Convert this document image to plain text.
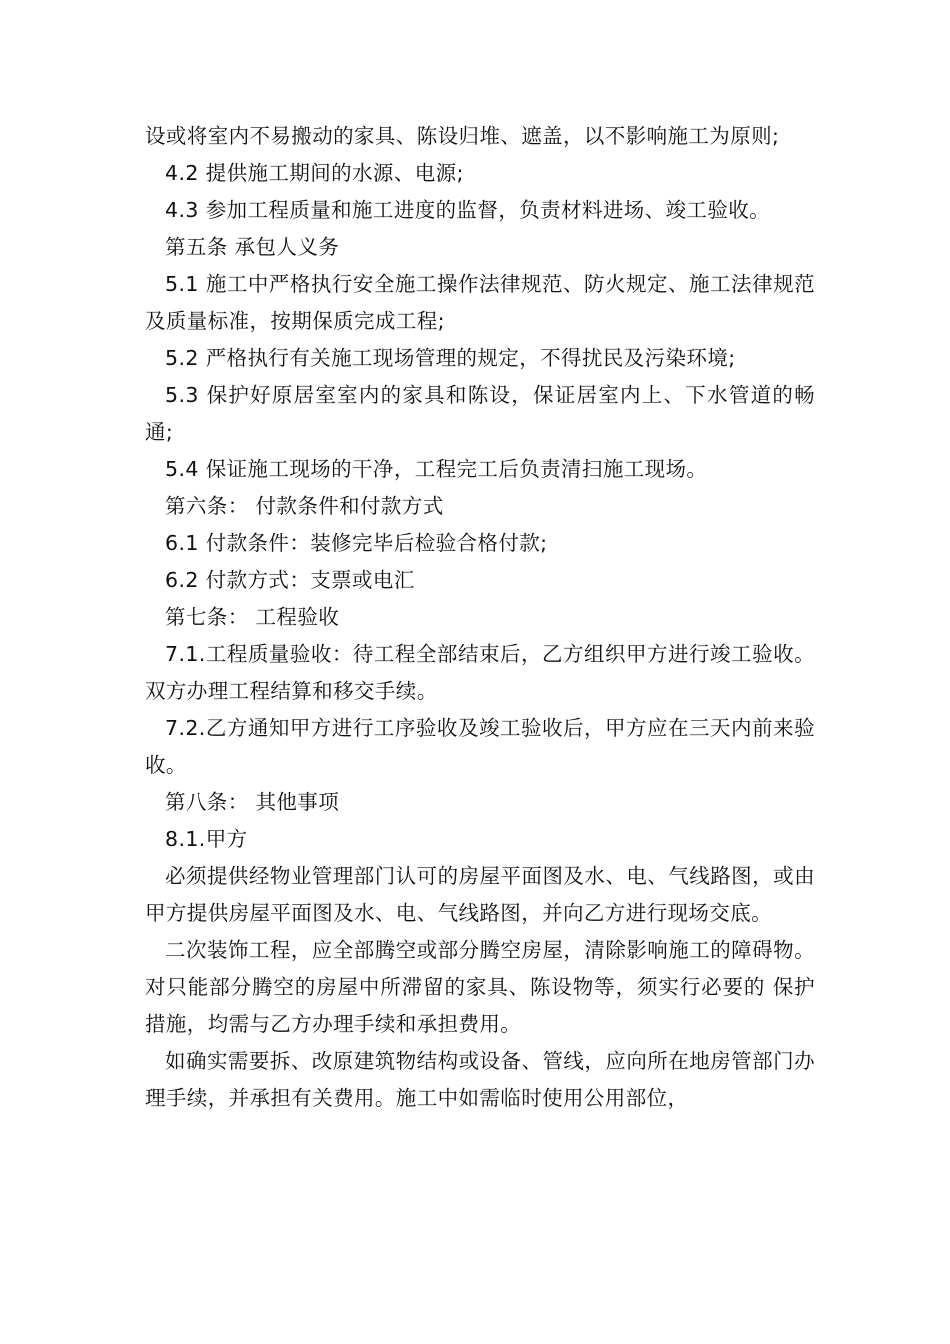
设或将室内不易搬动的家具、陈设归堆、遮盖，以不影响施工为原则;

4.2 提供施工期间的水源、电源;

4.3 参加工程质量和施工进度的监督，负责材料进场、竣工验收。

第五条 承包人义务

5.1 施工中严格执行安全施工操作法律规范、防火规定、施工法律规范及质量标准，按期保质完成工程;

5.2 严格执行有关施工现场管理的规定，不得扰民及污染环境;

5.3 保护好原居室室内的家具和陈设，保证居室内上、下水管道的畅通;

5.4 保证施工现场的干净，工程完工后负责清扫施工现场。

第六条： 付款条件和付款方式

6.1 付款条件：装修完毕后检验合格付款;

6.2 付款方式：支票或电汇

第七条： 工程验收

7.1.工程质量验收：待工程全部结束后，乙方组织甲方进行竣工验收。双方办理工程结算和移交手续。

7.2.乙方通知甲方进行工序验收及竣工验收后，甲方应在三天内前来验收。

第八条： 其他事项

8.1.甲方

必须提供经物业管理部门认可的房屋平面图及水、电、气线路图，或由甲方提供房屋平面图及水、电、气线路图，并向乙方进行现场交底。

二次装饰工程，应全部腾空或部分腾空房屋，清除影响施工的障碍物。对只能部分腾空的房屋中所滞留的家具、陈设物等，须实行必要的 保护措施，均需与乙方办理手续和承担费用。

如确实需要拆、改原建筑物结构或设备、管线，应向所在地房管部门办理手续，并承担有关费用。施工中如需临时使用公用部位，
